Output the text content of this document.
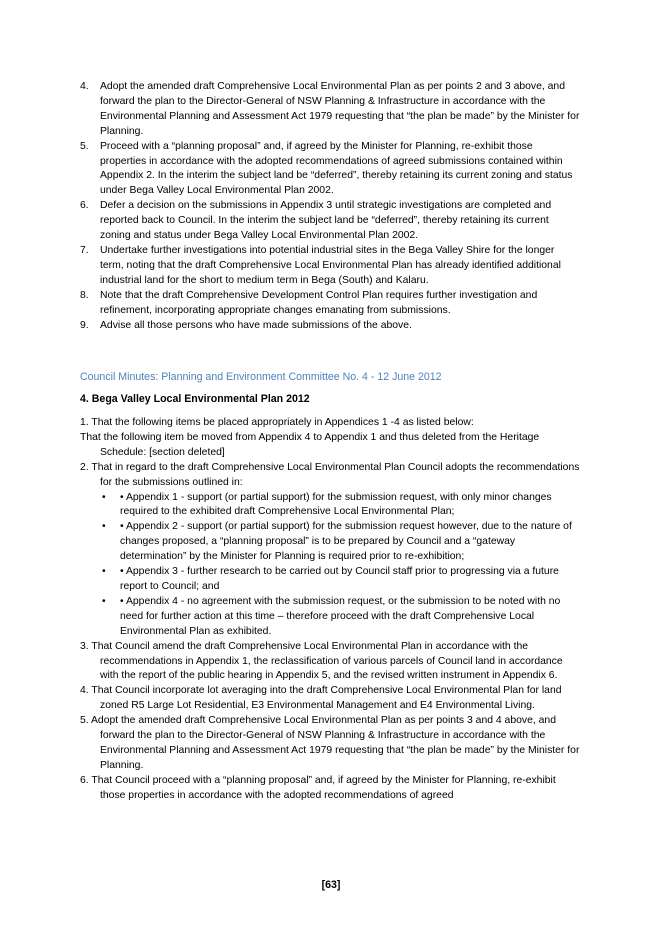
4. Adopt the amended draft Comprehensive Local Environmental Plan as per points 2 and 3 above, and forward the plan to the Director-General of NSW Planning & Infrastructure in accordance with the Environmental Planning and Assessment Act 1979 requesting that “the plan be made” by the Minister for Planning.
5. Proceed with a “planning proposal” and, if agreed by the Minister for Planning, re-exhibit those properties in accordance with the adopted recommendations of agreed submissions contained within Appendix 2. In the interim the subject land be “deferred”, thereby retaining its current zoning and status under Bega Valley Local Environmental Plan 2002.
6. Defer a decision on the submissions in Appendix 3 until strategic investigations are completed and reported back to Council. In the interim the subject land be “deferred”, thereby retaining its current zoning and status under Bega Valley Local Environmental Plan 2002.
7. Undertake further investigations into potential industrial sites in the Bega Valley Shire for the longer term, noting that the draft Comprehensive Local Environmental Plan has already identified additional industrial land for the short to medium term in Bega (South) and Kalaru.
8. Note that the draft Comprehensive Development Control Plan requires further investigation and refinement, incorporating appropriate changes emanating from submissions.
9. Advise all those persons who have made submissions of the above.
Council Minutes: Planning and Environment Committee No. 4 - 12 June 2012
4. Bega Valley Local Environmental Plan 2012

1. That the following items be placed appropriately in Appendices 1 -4 as listed below:

That the following item be moved from Appendix 4 to Appendix 1 and thus deleted from the Heritage Schedule: [section deleted]

2. That in regard to the draft Comprehensive Local Environmental Plan Council adopts the recommendations for the submissions outlined in:

• • Appendix 1 - support (or partial support) for the submission request, with only minor changes required to the exhibited draft Comprehensive Local Environmental Plan;
• • Appendix 2 - support (or partial support) for the submission request however, due to the nature of changes proposed, a “planning proposal” is to be prepared by Council and a “gateway determination” by the Minister for Planning is required prior to re-exhibition;
• • Appendix 3 - further research to be carried out by Council staff prior to progressing via a future report to Council; and
• • Appendix 4 - no agreement with the submission request, or the submission to be noted with no need for further action at this time – therefore proceed with the draft Comprehensive Local Environmental Plan as exhibited.

3. That Council amend the draft Comprehensive Local Environmental Plan in accordance with the recommendations in Appendix 1, the reclassification of various parcels of Council land in accordance with the report of the public hearing in Appendix 5, and the revised written instrument in Appendix 6.

4. That Council incorporate lot averaging into the draft Comprehensive Local Environmental Plan for land zoned R5 Large Lot Residential, E3 Environmental Management and E4 Environmental Living.

5. Adopt the amended draft Comprehensive Local Environmental Plan as per points 3 and 4 above, and forward the plan to the Director-General of NSW Planning & Infrastructure in accordance with the Environmental Planning and Assessment Act 1979 requesting that “the plan be made” by the Minister for Planning.

6. That Council proceed with a “planning proposal” and, if agreed by the Minister for Planning, re-exhibit those properties in accordance with the adopted recommendations of agreed

[63]
